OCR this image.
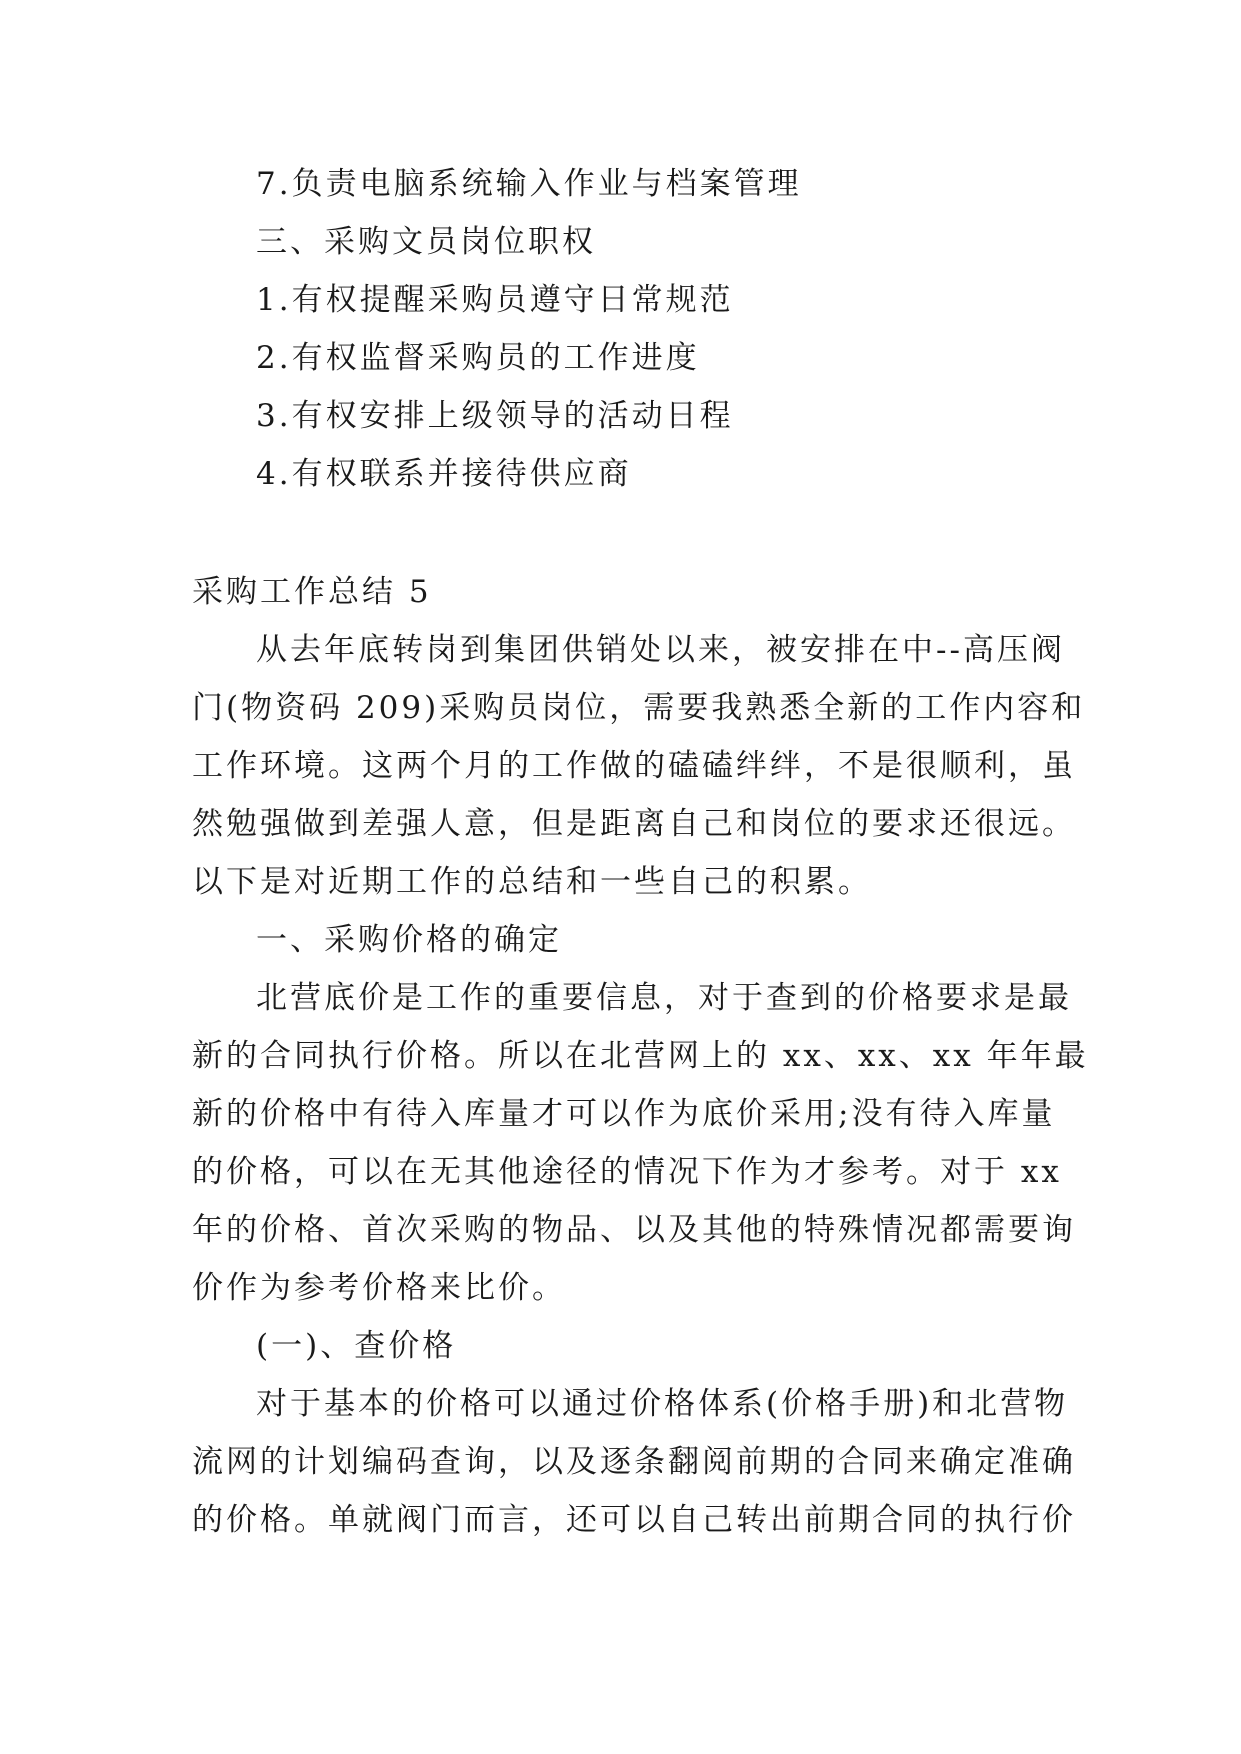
7.负责电脑系统输入作业与档案管理
三、采购文员岗位职权
1.有权提醒采购员遵守日常规范
2.有权监督采购员的工作进度
3.有权安排上级领导的活动日程
4.有权联系并接待供应商
采购工作总结 5
从去年底转岗到集团供销处以来，被安排在中--高压阀
门(物资码 209)采购员岗位，需要我熟悉全新的工作内容和
工作环境。这两个月的工作做的磕磕绊绊，不是很顺利，虽
然勉强做到差强人意，但是距离自己和岗位的要求还很远。
以下是对近期工作的总结和一些自己的积累。
一、采购价格的确定
北营底价是工作的重要信息，对于查到的价格要求是最
新的合同执行价格。所以在北营网上的 xx、xx、xx 年年最
新的价格中有待入库量才可以作为底价采用;没有待入库量
的价格，可以在无其他途径的情况下作为才参考。对于 xx
年的价格、首次采购的物品、以及其他的特殊情况都需要询
价作为参考价格来比价。
(一)、查价格
对于基本的价格可以通过价格体系(价格手册)和北营物
流网的计划编码查询，以及逐条翻阅前期的合同来确定准确
的价格。单就阀门而言，还可以自己转出前期合同的执行价
